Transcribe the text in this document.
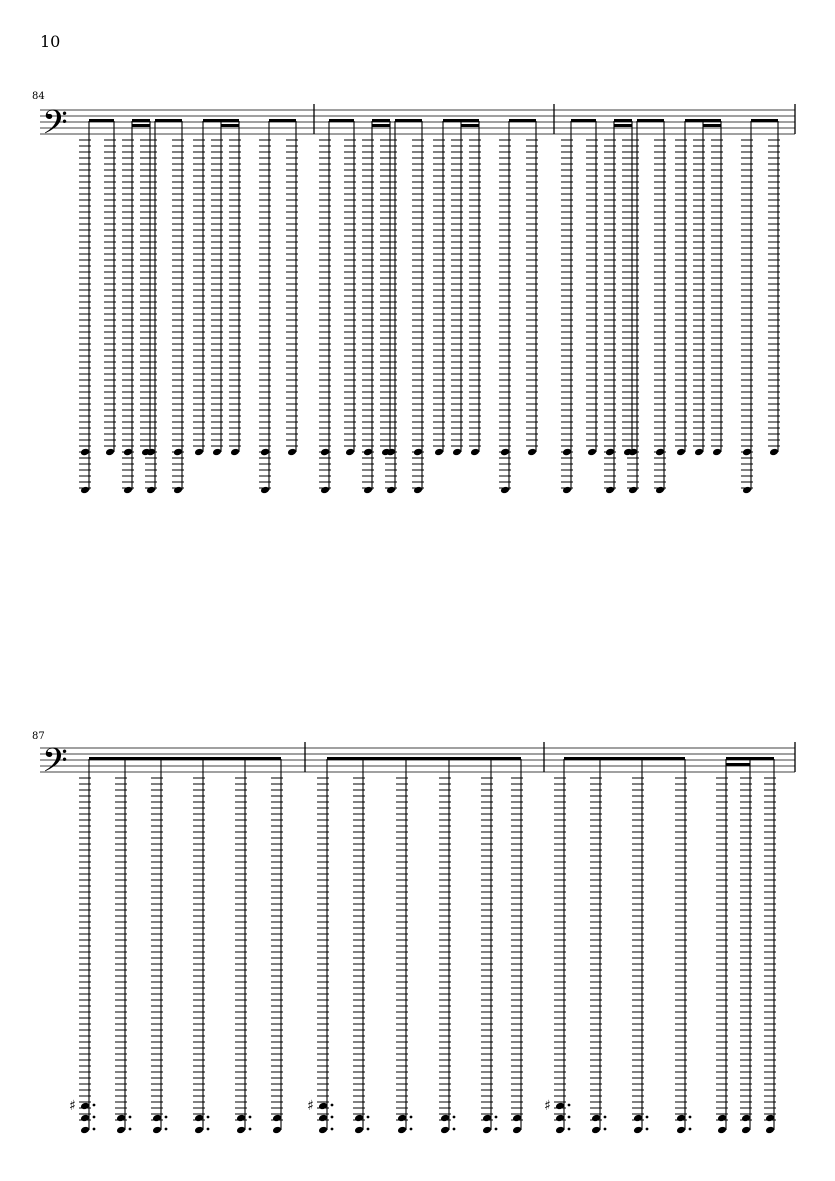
10
84
𝄢
87
𝄢
♯	♯	♯
